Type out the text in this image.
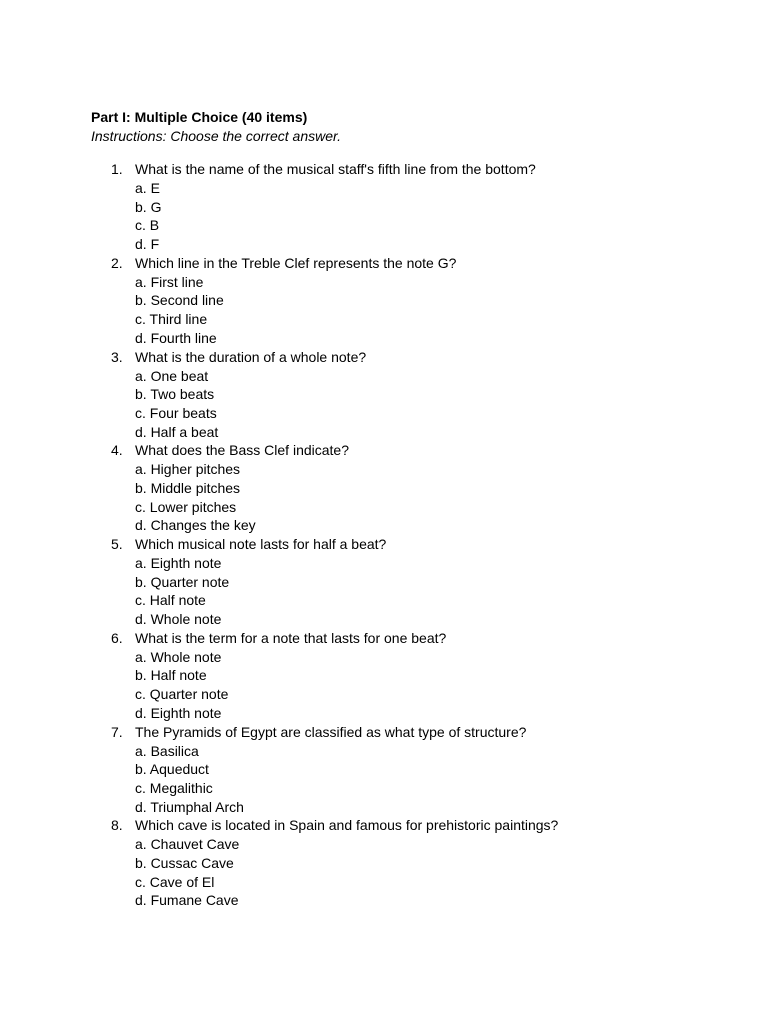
Part I: Multiple Choice (40 items)
Instructions: Choose the correct answer.
1. What is the name of the musical staff's fifth line from the bottom?
a. E
b. G
c. B
d. F
2. Which line in the Treble Clef represents the note G?
a. First line
b. Second line
c. Third line
d. Fourth line
3. What is the duration of a whole note?
a. One beat
b. Two beats
c. Four beats
d. Half a beat
4. What does the Bass Clef indicate?
a. Higher pitches
b. Middle pitches
c. Lower pitches
d. Changes the key
5. Which musical note lasts for half a beat?
a. Eighth note
b. Quarter note
c. Half note
d. Whole note
6. What is the term for a note that lasts for one beat?
a. Whole note
b. Half note
c. Quarter note
d. Eighth note
7. The Pyramids of Egypt are classified as what type of structure?
a. Basilica
b. Aqueduct
c. Megalithic
d. Triumphal Arch
8. Which cave is located in Spain and famous for prehistoric paintings?
a. Chauvet Cave
b. Cussac Cave
c. Cave of El
d. Fumane Cave
